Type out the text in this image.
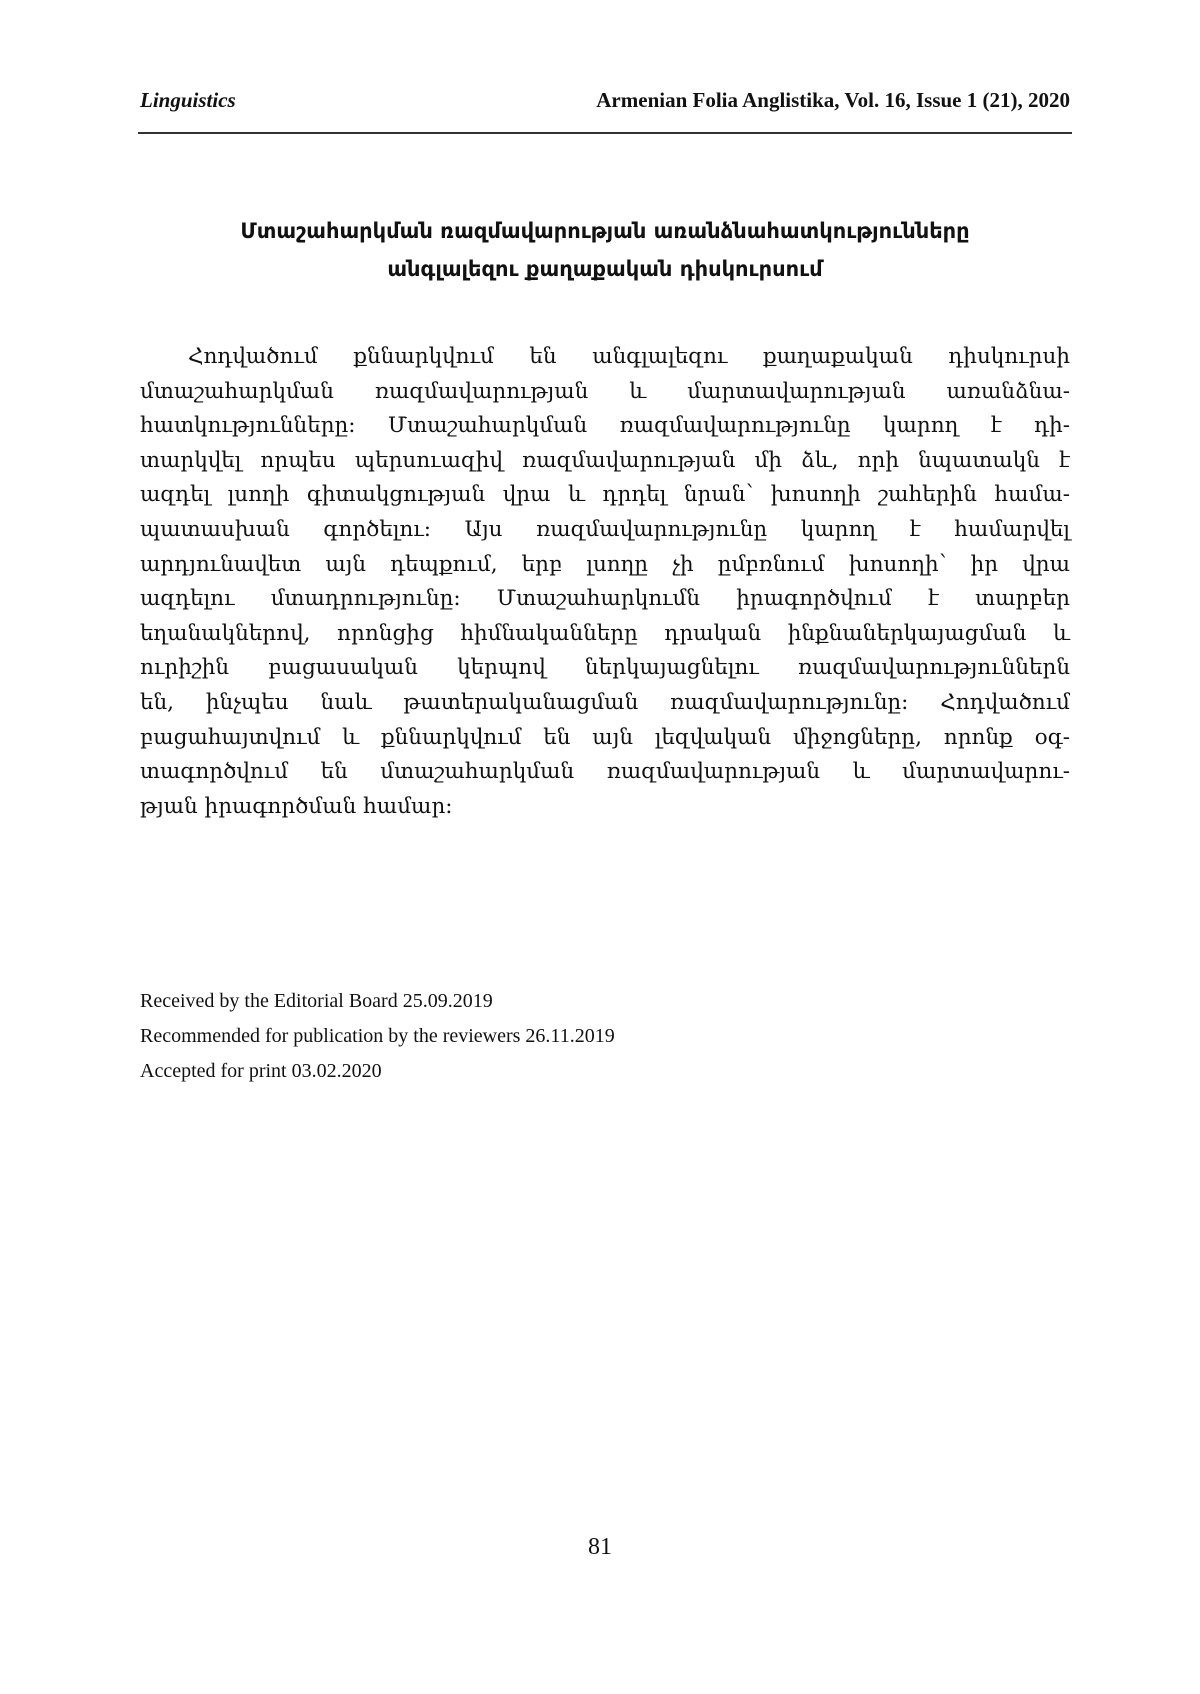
Linguistics	Armenian Folia Anglistika, Vol. 16, Issue 1 (21), 2020
Մտաշահարկման ռազմավարության առանձնահատկությունները
անգլալեզու քաղաքական դիսկուրսում

Հոդվածում քննարկվում են անգլալեզու քաղաքական դիսկուրսի
մտաշահարկման ռազմավարության և մարտավարության առանձնա-
հատկությունները: Մտաշահարկման ռազմավարությունը կարող է դի-
տարկվել որպես պերսուազիվ ռազմավարության մի ձև, որի նպատակն է
ազդել լսողի գիտակցության վրա և դրդել նրան՝ խոսողի շահերին համա-
պատասխան գործելու: Այս ռազմավարությունը կարող է համարվել
արդյունավետ այն դեպքում, երբ լսողը չի ըմբռնում խոսողի՝ իր վրա
ազդելու մտադրությունը: Մտաշահարկումն իրագործվում է տարբեր
եղանակներով, որոնցից հիմնականները դրական ինքնաներկայացման և
ուրիշին բացասական կերպով ներկայացնելու ռազմավարություններն
են, ինչպես նաև թատերականացման ռազմավարությունը: Հոդվածում
բացահայտվում և քննարկվում են այն լեզվական միջոցները, որոնք օգ-
տագործվում են մտաշահարկման ռազմավարության և մարտավարու-
թյան իրագործման համար:

Received by the Editorial Board 25.09.2019
Recommended for publication by the reviewers 26.11.2019
Accepted for print 03.02.2020
81
